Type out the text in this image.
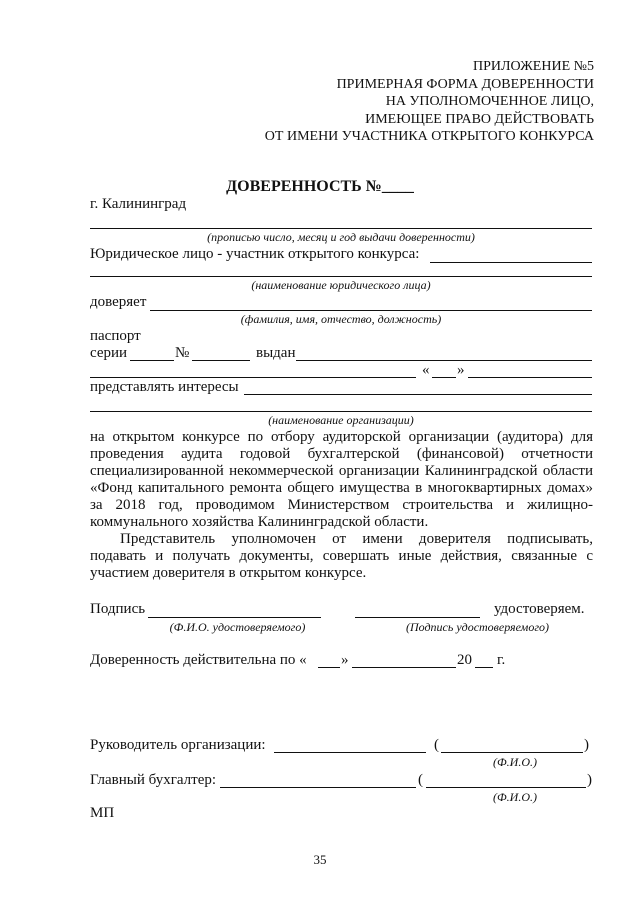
ПРИЛОЖЕНИЕ №5
ПРИМЕРНАЯ ФОРМА ДОВЕРЕННОСТИ
НА УПОЛНОМОЧЕННОЕ ЛИЦО,
ИМЕЮЩЕЕ ПРАВО ДЕЙСТВОВАТЬ
ОТ ИМЕНИ УЧАСТНИКА ОТКРЫТОГО КОНКУРСА
ДОВЕРЕННОСТЬ №____
г. Калининград
(прописью число, месяц и год выдачи доверенности)
Юридическое лицо - участник открытого конкурса:
(наименование юридического лица)
доверяет
(фамилия, имя, отчество, должность)
паспорт
серии	№	выдан
« »
представлять интересы
(наименование организации)
на открытом конкурсе по отбору аудиторской организации (аудитора) для
проведения аудита годовой бухгалтерской (финансовой) отчетности
специализированной некоммерческой организации Калининградской области
«Фонд капитального ремонта общего имущества в многоквартирных домах»
за 2018 год, проводимом Министерством строительства и жилищно-
коммунального хозяйства Калининградской области.
Представитель уполномочен от имени доверителя подписывать,
подавать и получать документы, совершать иные действия, связанные с
участием доверителя в открытом конкурсе.
Подпись	удостоверяем.
(Ф.И.О. удостоверяемого)	(Подпись удостоверяемого)
Доверенность действительна по « »	20 г.
Руководитель организации:	(	)
(Ф.И.О.)
Главный бухгалтер:	(	)
(Ф.И.О.)
МП
35
